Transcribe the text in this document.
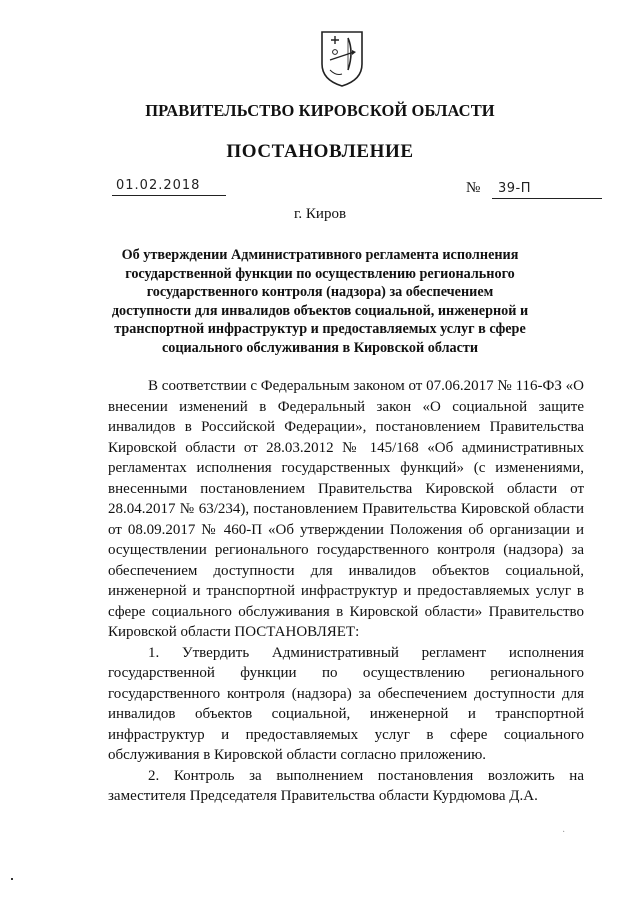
ПРАВИТЕЛЬСТВО КИРОВСКОЙ ОБЛАСТИ
ПОСТАНОВЛЕНИЕ
01.02.2018	№ 39-П
г. Киров
Об утверждении Административного регламента исполнения государственной функции по осуществлению регионального государственного контроля (надзора) за обеспечением доступности для инвалидов объектов социальной, инженерной и транспортной инфраструктур и предоставляемых услуг в сфере социального обслуживания в Кировской области

В соответствии с Федеральным законом от 07.06.2017 № 116-ФЗ «О внесении изменений в Федеральный закон «О социальной защите инвалидов в Российской Федерации», постановлением Правительства Кировской области от 28.03.2012 № 145/168 «Об административных регламентах исполнения государственных функций» (с изменениями, внесенными постановлением Правительства Кировской области от 28.04.2017 № 63/234), постановлением Правительства Кировской области от 08.09.2017 № 460-П «Об утверждении Положения об организации и осуществлении регионального государственного контроля (надзора) за обеспечением доступности для инвалидов объектов социальной, инженерной и транспортной инфраструктур и предоставляемых услуг в сфере социального обслуживания в Кировской области» Правительство Кировской области ПОСТАНОВЛЯЕТ:

1. Утвердить Административный регламент исполнения государственной функции по осуществлению регионального государственного контроля (надзора) за обеспечением доступности для инвалидов объектов социальной, инженерной и транспортной инфраструктур и предоставляемых услуг в сфере социального обслуживания в Кировской области согласно приложению.

2. Контроль за выполнением постановления возложить на заместителя Председателя Правительства области Курдюмова Д.А.

·
